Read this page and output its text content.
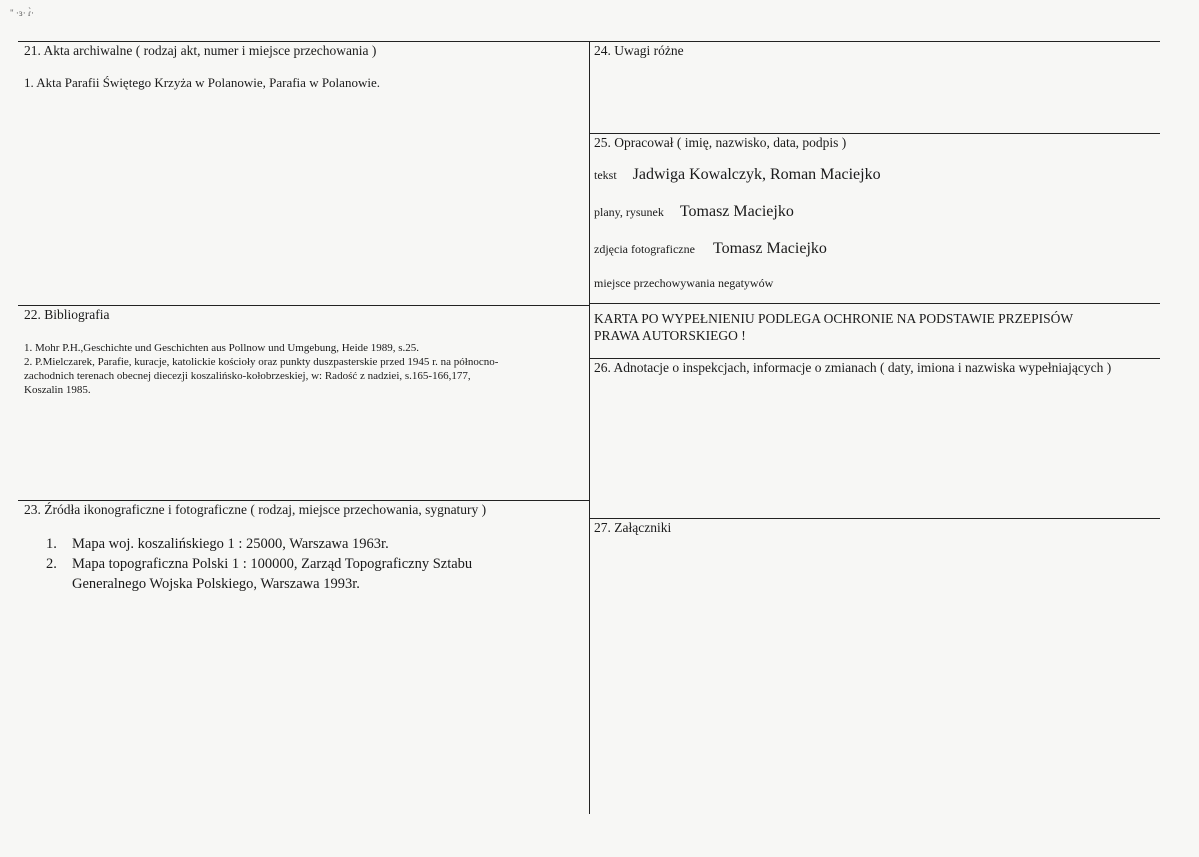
" ·ɜ· ɾ̀·
21. Akta archiwalne ( rodzaj akt, numer i miejsce przechowania )
1. Akta Parafii Świętego Krzyża w Polanowie, Parafia w Polanowie.
22. Bibliografia
1. Mohr P.H.,Geschichte und Geschichten aus Pollnow und Umgebung, Heide 1989, s.25.
2. P.Mielczarek, Parafie, kuracje, katolickie kościoły oraz punkty duszpasterskie przed 1945 r. na północno-
zachodnich terenach obecnej diecezji koszalińsko-kołobrzeskiej, w: Radość z nadziei, s.165-166,177,
Koszalin 1985.
23. Źródła ikonograficzne i fotograficzne ( rodzaj, miejsce przechowania, sygnatury )
1. Mapa woj. koszalińskiego 1 : 25000, Warszawa 1963r.
2. Mapa topograficzna Polski 1 : 100000, Zarząd Topograficzny Sztabu
Generalnego Wojska Polskiego, Warszawa 1993r.
24. Uwagi różne
25. Opracował ( imię, nazwisko, data, podpis )
tekst Jadwiga Kowalczyk, Roman Maciejko
plany, rysunek Tomasz Maciejko
zdjęcia fotograficzne Tomasz Maciejko
miejsce przechowywania negatywów
KARTA PO WYPEŁNIENIU PODLEGA OCHRONIE NA PODSTAWIE PRZEPISÓW
PRAWA AUTORSKIEGO !
26. Adnotacje o inspekcjach, informacje o zmianach ( daty, imiona i nazwiska wypełniających )
27. Załączniki
